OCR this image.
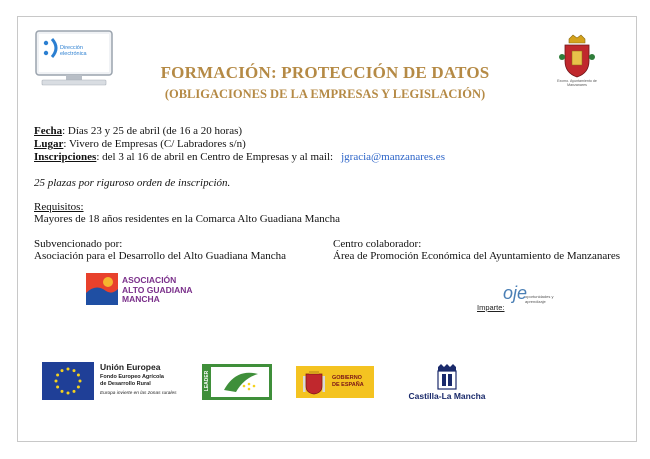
Dirección electrónica
Excmo. Ayuntamiento de Manzanares
FORMACIÓN: PROTECCIÓN DE DATOS
(OBLIGACIONES DE LA EMPRESAS Y LEGISLACIÓN)
Fecha: Días 23 y 25 de abril (de 16 a 20 horas)
Lugar: Vivero de Empresas (C/ Labradores s/n)
Inscripciones: del 3 al 16 de abril en Centro de Empresas y al mail: jgracia@manzanares.es
25 plazas por riguroso orden de inscripción.
Requisitos:
Mayores de 18 años residentes en la Comarca Alto Guadiana Mancha
Subvencionado por:
Asociación para el Desarrollo del Alto Guadiana Mancha
Centro colaborador:
Área de Promoción Económica del Ayuntamiento de Manzanares
ASOCIACIÓN
ALTO GUADIANA
MANCHA
Imparte:
oje
oportunidades y aprendizaje
Unión Europea
Fondo Europeo Agrícola
de Desarrollo Rural
Europa invierte en las zonas rurales
LEADER	GOBIERNO
DE ESPAÑA
Castilla-La Mancha
